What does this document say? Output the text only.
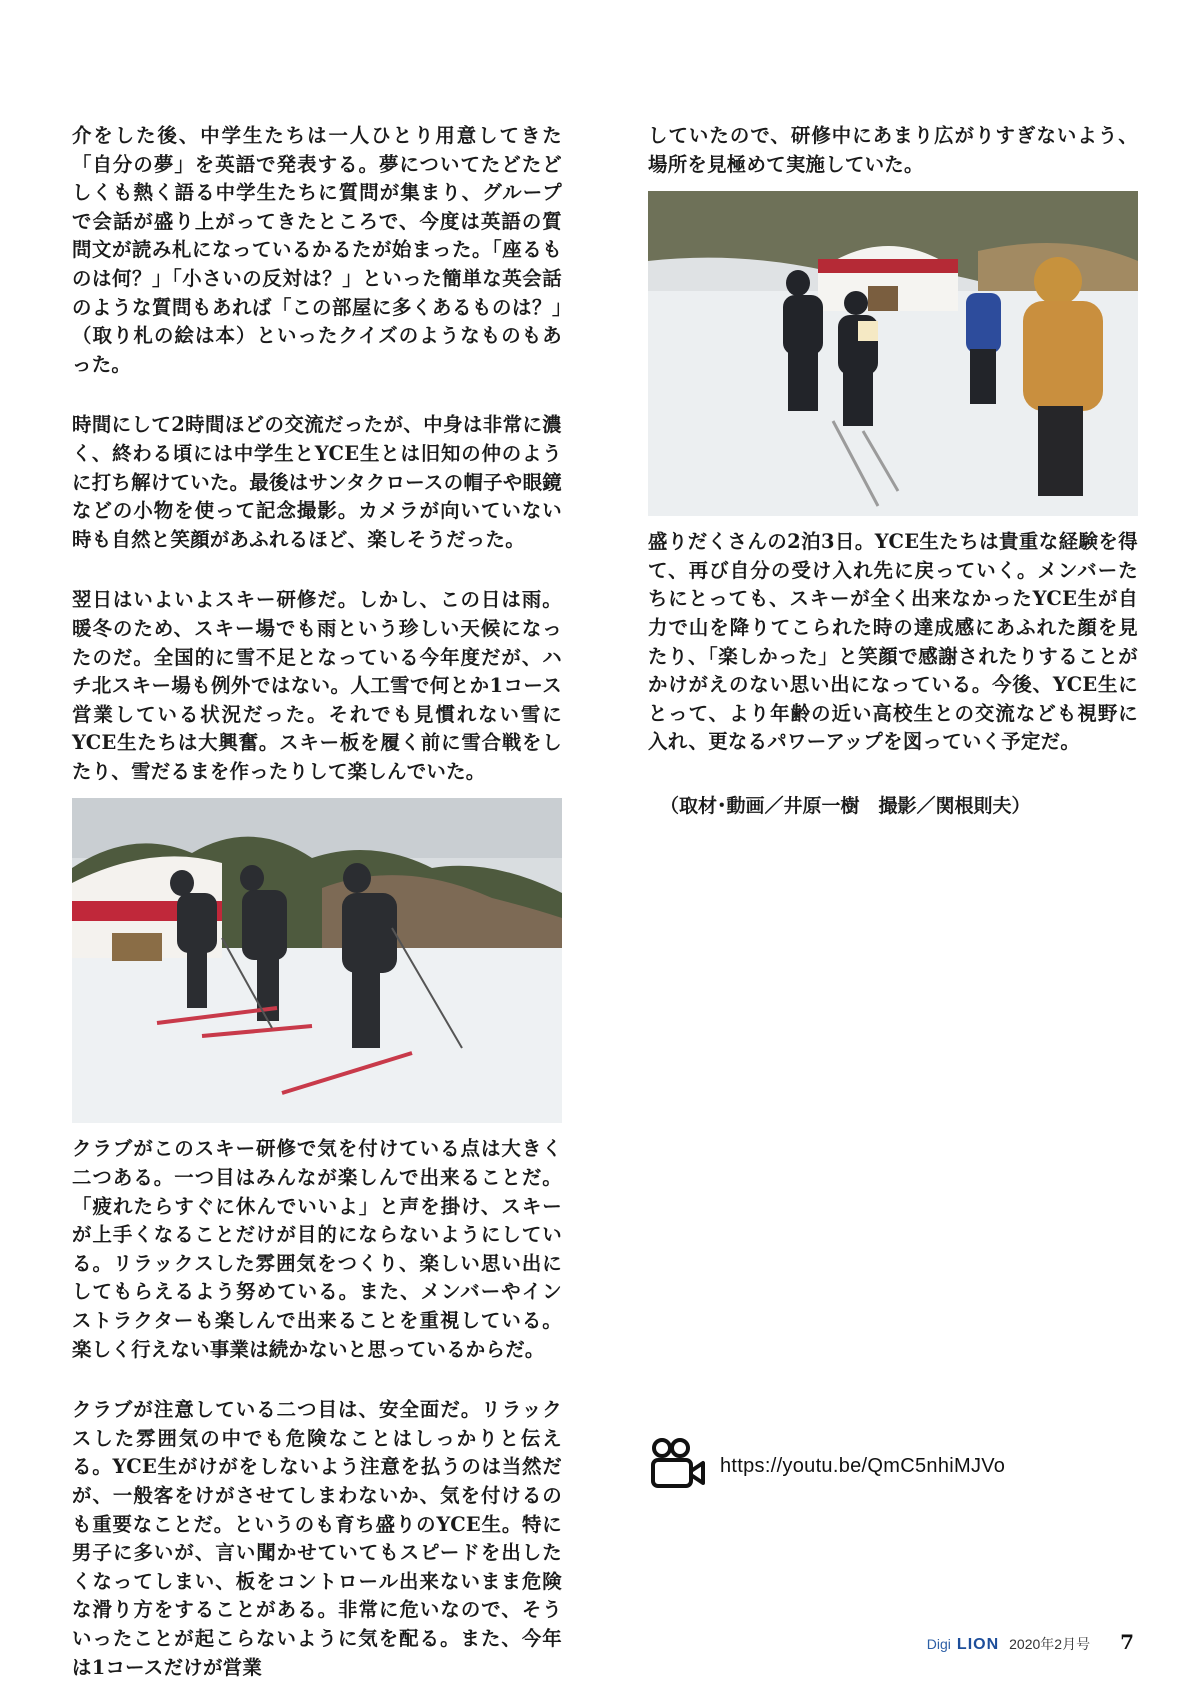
介をした後、中学生たちは一人ひとり用意してきた「自分の夢」を英語で発表する。夢についてたどたどしくも熱く語る中学生たちに質問が集まり、グループで会話が盛り上がってきたところで、今度は英語の質問文が読み札になっているかるたが始まった。「座るものは何？」「小さいの反対は？」といった簡単な英会話のような質問もあれば「この部屋に多くあるものは？」（取り札の絵は本）といったクイズのようなものもあった。

時間にして2時間ほどの交流だったが、中身は非常に濃く、終わる頃には中学生とYCE生とは旧知の仲のように打ち解けていた。最後はサンタクロースの帽子や眼鏡などの小物を使って記念撮影。カメラが向いていない時も自然と笑顔があふれるほど、楽しそうだった。

翌日はいよいよスキー研修だ。しかし、この日は雨。暖冬のため、スキー場でも雨という珍しい天候になったのだ。全国的に雪不足となっている今年度だが、ハチ北スキー場も例外ではない。人工雪で何とか1コース営業している状況だった。それでも見慣れない雪にYCE生たちは大興奮。スキー板を履く前に雪合戦をしたり、雪だるまを作ったりして楽しんでいた。

クラブがこのスキー研修で気を付けている点は大きく二つある。一つ目はみんなが楽しんで出来ることだ。「疲れたらすぐに休んでいいよ」と声を掛け、スキーが上手くなることだけが目的にならないようにしている。リラックスした雰囲気をつくり、楽しい思い出にしてもらえるよう努めている。また、メンバーやインストラクターも楽しんで出来ることを重視している。楽しく行えない事業は続かないと思っているからだ。

クラブが注意している二つ目は、安全面だ。リラックスした雰囲気の中でも危険なことはしっかりと伝える。YCE生がけがをしないよう注意を払うのは当然だが、一般客をけがさせてしまわないか、気を付けるのも重要なことだ。というのも育ち盛りのYCE生。特に男子に多いが、言い聞かせていてもスピードを出したくなってしまい、板をコントロール出来ないまま危険な滑り方をすることがある。非常に危いなので、そういったことが起こらないように気を配る。また、今年は1コースだけが営業

していたので、研修中にあまり広がりすぎないよう、場所を見極めて実施していた。

盛りだくさんの2泊3日。YCE生たちは貴重な経験を得て、再び自分の受け入れ先に戻っていく。メンバーたちにとっても、スキーが全く出来なかったYCE生が自力で山を降りてこられた時の達成感にあふれた顔を見たり、「楽しかった」と笑顔で感謝されたりすることがかけがえのない思い出になっている。今後、YCE生にとって、より年齢の近い高校生との交流なども視野に入れ、更なるパワーアップを図っていく予定だ。

（取材･動画／井原一樹　撮影／関根則夫）

https://youtu.be/QmC5nhiMJVo
Digi LION 2020年2月号 7
